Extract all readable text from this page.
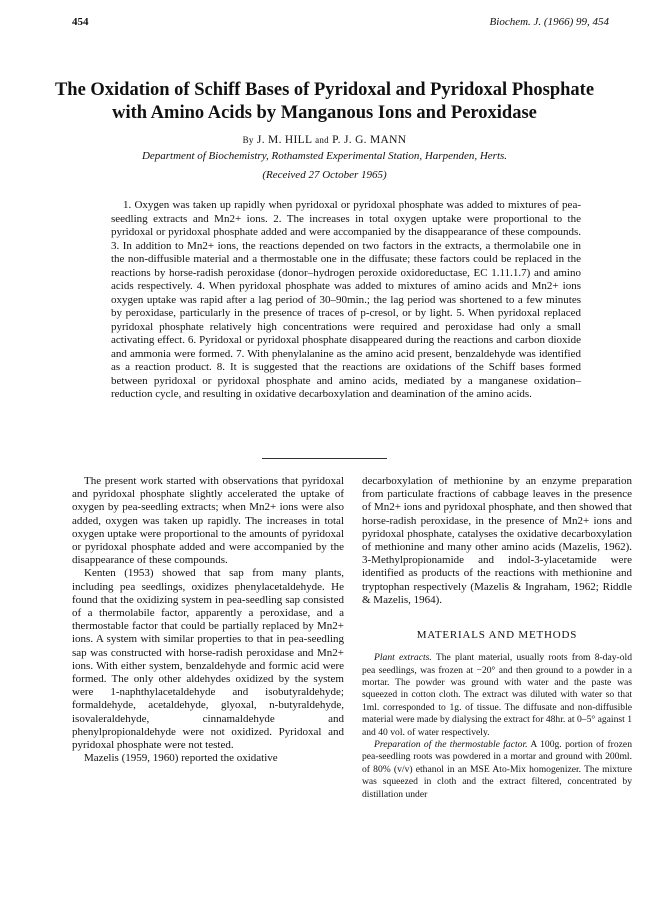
454	Biochem. J. (1966) 99, 454
The Oxidation of Schiff Bases of Pyridoxal and Pyridoxal Phosphate
with Amino Acids by Manganous Ions and Peroxidase
By J. M. HILL and P. J. G. MANN
Department of Biochemistry, Rothamsted Experimental Station, Harpenden, Herts.
(Received 27 October 1965)
1. Oxygen was taken up rapidly when pyridoxal or pyridoxal phosphate was added to mixtures of pea-seedling extracts and Mn2+ ions. 2. The increases in total oxygen uptake were proportional to the pyridoxal or pyridoxal phosphate added and were accompanied by the disappearance of these compounds. 3. In addition to Mn2+ ions, the reactions depended on two factors in the extracts, a thermolabile one in the non-diffusible material and a thermostable one in the diffusate; these factors could be replaced in the reactions by horse-radish peroxidase (donor–hydrogen peroxide oxidoreductase, EC 1.11.1.7) and amino acids respectively. 4. When pyridoxal phosphate was added to mixtures of amino acids and Mn2+ ions oxygen uptake was rapid after a lag period of 30–90min.; the lag period was shortened to a few minutes by peroxidase, particularly in the presence of traces of p-cresol, or by light. 5. When pyridoxal replaced pyridoxal phosphate relatively high concentrations were required and peroxidase had only a small activating effect. 6. Pyridoxal or pyridoxal phosphate disappeared during the reactions and carbon dioxide and ammonia were formed. 7. With phenylalanine as the amino acid present, benzaldehyde was identified as a reaction product. 8. It is suggested that the reactions are oxidations of the Schiff bases formed between pyridoxal or pyridoxal phosphate and amino acids, mediated by a manganese oxidation–reduction cycle, and resulting in oxidative decarboxylation and deamination of the amino acids.

The present work started with observations that pyridoxal and pyridoxal phosphate slightly accelerated the uptake of oxygen by pea-seedling extracts; when Mn2+ ions were also added, oxygen was taken up rapidly. The increases in total oxygen uptake were proportional to the amounts of pyridoxal or pyridoxal phosphate added and were accompanied by the disappearance of these compounds.

Kenten (1953) showed that sap from many plants, including pea seedlings, oxidizes phenylacetaldehyde. He found that the oxidizing system in pea-seedling sap consisted of a thermolabile factor, apparently a peroxidase, and a thermostable factor that could be partially replaced by Mn2+ ions. A system with similar properties to that in pea-seedling sap was constructed with horse-radish peroxidase and Mn2+ ions. With either system, benzaldehyde and formic acid were formed. The only other aldehydes oxidized by the system were 1-naphthylacetaldehyde and isobutyraldehyde; formaldehyde, acetaldehyde, glyoxal, n-butyraldehyde, isovaleraldehyde, cinnamaldehyde and phenylpropionaldehyde were not oxidized. Pyridoxal and pyridoxal phosphate were not tested.

Mazelis (1959, 1960) reported the oxidative

decarboxylation of methionine by an enzyme preparation from particulate fractions of cabbage leaves in the presence of Mn2+ ions and pyridoxal phosphate, and then showed that horse-radish peroxidase, in the presence of Mn2+ ions and pyridoxal phosphate, catalyses the oxidative decarboxylation of methionine and many other amino acids (Mazelis, 1962). 3-Methylpropionamide and indol-3-ylacetamide were identified as products of the reactions with methionine and tryptophan respectively (Mazelis & Ingraham, 1962; Riddle & Mazelis, 1964).

MATERIALS AND METHODS

Plant extracts. The plant material, usually roots from 8-day-old pea seedlings, was frozen at −20° and then ground to a powder in a mortar. The powder was ground with water and the paste was squeezed in cotton cloth. The extract was diluted with water so that 1ml. corresponded to 1g. of tissue. The diffusate and non-diffusible material were made by dialysing the extract for 48hr. at 0–5° against 1 and 40 vol. of water respectively.

Preparation of the thermostable factor. A 100g. portion of frozen pea-seedling roots was powdered in a mortar and ground with 200ml. of 80% (v/v) ethanol in an MSE Ato-Mix homogenizer. The mixture was squeezed in cloth and the extract filtered, concentrated by distillation under
